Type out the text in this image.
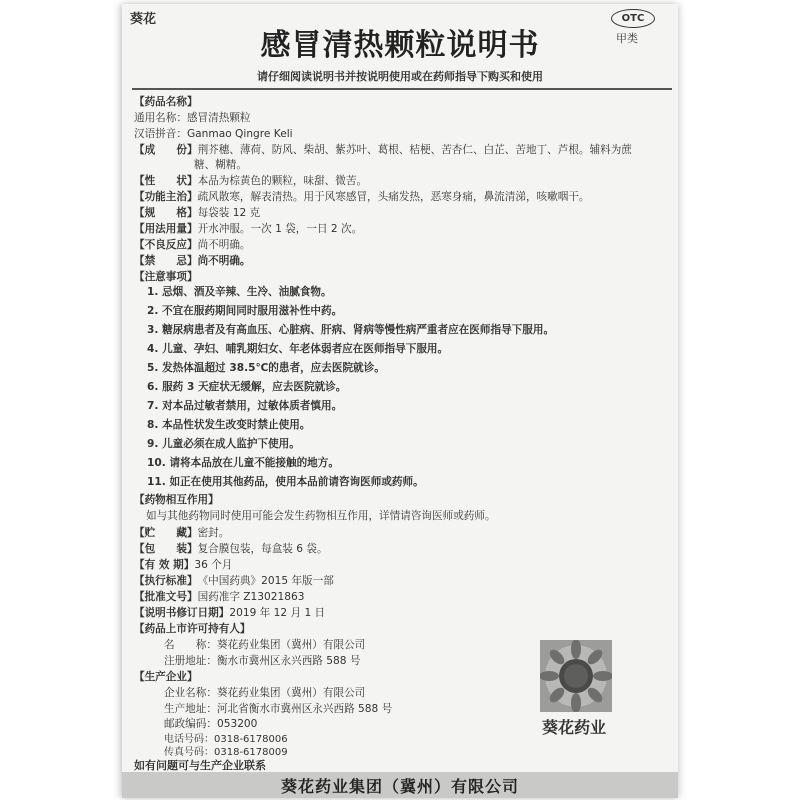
葵花	OTC
甲类
感冒清热颗粒说明书
请仔细阅读说明书并按说明使用或在药师指导下购买和使用
【药品名称】
通用名称：感冒清热颗粒
汉语拼音：Ganmao Qingre Keli
【成　　份】荆芥穗、薄荷、防风、柴胡、紫苏叶、葛根、桔梗、苦杏仁、白芷、苦地丁、芦根。辅料为蔗
糖、糊精。
【性　　状】本品为棕黄色的颗粒，味甜、微苦。
【功能主治】疏风散寒，解表清热。用于风寒感冒，头痛发热，恶寒身痛，鼻流清涕，咳嗽咽干。
【规　　格】每袋装 12 克
【用法用量】开水冲服。一次 1 袋，一日 2 次。
【不良反应】尚不明确。
【禁　　忌】尚不明确。
【注意事项】
1. 忌烟、酒及辛辣、生冷、油腻食物。
2. 不宜在服药期间同时服用滋补性中药。
3. 糖尿病患者及有高血压、心脏病、肝病、肾病等慢性病严重者应在医师指导下服用。
4. 儿童、孕妇、哺乳期妇女、年老体弱者应在医师指导下服用。
5. 发热体温超过 38.5℃的患者，应去医院就诊。
6. 服药 3 天症状无缓解，应去医院就诊。
7. 对本品过敏者禁用，过敏体质者慎用。
8. 本品性状发生改变时禁止使用。
9. 儿童必须在成人监护下使用。
10. 请将本品放在儿童不能接触的地方。
11. 如正在使用其他药品，使用本品前请咨询医师或药师。
【药物相互作用】
如与其他药物同时使用可能会发生药物相互作用，详情请咨询医师或药师。
【贮　　藏】密封。
【包　　装】复合膜包装，每盒装 6 袋。
【有 效 期】36 个月
【执行标准】《中国药典》2015 年版一部
【批准文号】国药准字 Z13021863
【说明书修订日期】2019 年 12 月 1 日
【药品上市许可持有人】
名　　称：葵花药业集团（冀州）有限公司
注册地址：衡水市冀州区永兴西路 588 号
【生产企业】
企业名称：葵花药业集团（冀州）有限公司
生产地址：河北省衡水市冀州区永兴西路 588 号
邮政编码：053200
电话号码：0318-6178006
传真号码：0318-6178009
葵花药业
如有问题可与生产企业联系
葵花药业集团（冀州）有限公司
